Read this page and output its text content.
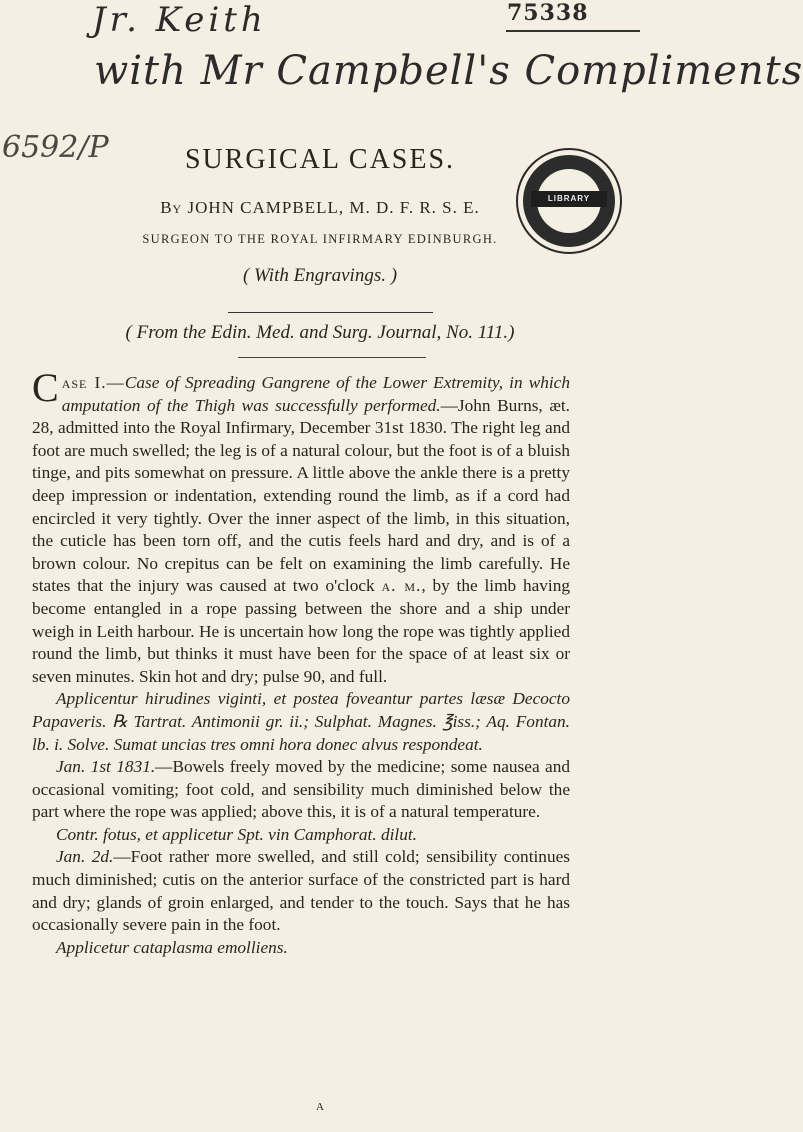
Jr. Keith
with Mr Campbell's Compliments
6592/P
75338
SURGICAL CASES.
By JOHN CAMPBELL, M. D. F. R. S. E.
SURGEON TO THE ROYAL INFIRMARY EDINBURGH.
( With Engravings. )
( From the Edin. Med. and Surg. Journal, No. 111.)
LIBRARY

Case I.—Case of Spreading Gangrene of the Lower Extremity, in which amputation of the Thigh was successfully performed.—John Burns, æt. 28, admitted into the Royal Infirmary, December 31st 1830. The right leg and foot are much swelled; the leg is of a natural colour, but the foot is of a bluish tinge, and pits somewhat on pressure. A little above the ankle there is a pretty deep impression or indentation, extending round the limb, as if a cord had encircled it very tightly. Over the inner aspect of the limb, in this situation, the cuticle has been torn off, and the cutis feels hard and dry, and is of a brown colour. No crepitus can be felt on examining the limb carefully. He states that the injury was caused at two o'clock a. m., by the limb having become entangled in a rope passing between the shore and a ship under weigh in Leith harbour. He is uncertain how long the rope was tightly applied round the limb, but thinks it must have been for the space of at least six or seven minutes. Skin hot and dry; pulse 90, and full.

Applicentur hirudines viginti, et postea foveantur partes læsæ Decocto Papaveris. ℞ Tartrat. Antimonii gr. ii.; Sulphat. Magnes. ℥iss.; Aq. Fontan. lb. i. Solve. Sumat uncias tres omni hora donec alvus respondeat.

Jan. 1st 1831.—Bowels freely moved by the medicine; some nausea and occasional vomiting; foot cold, and sensibility much diminished below the part where the rope was applied; above this, it is of a natural temperature.

Contr. fotus, et applicetur Spt. vin Camphorat. dilut.

Jan. 2d.—Foot rather more swelled, and still cold; sensibility continues much diminished; cutis on the anterior surface of the constricted part is hard and dry; glands of groin enlarged, and tender to the touch. Says that he has occasionally severe pain in the foot.

Applicetur cataplasma emolliens.

A
